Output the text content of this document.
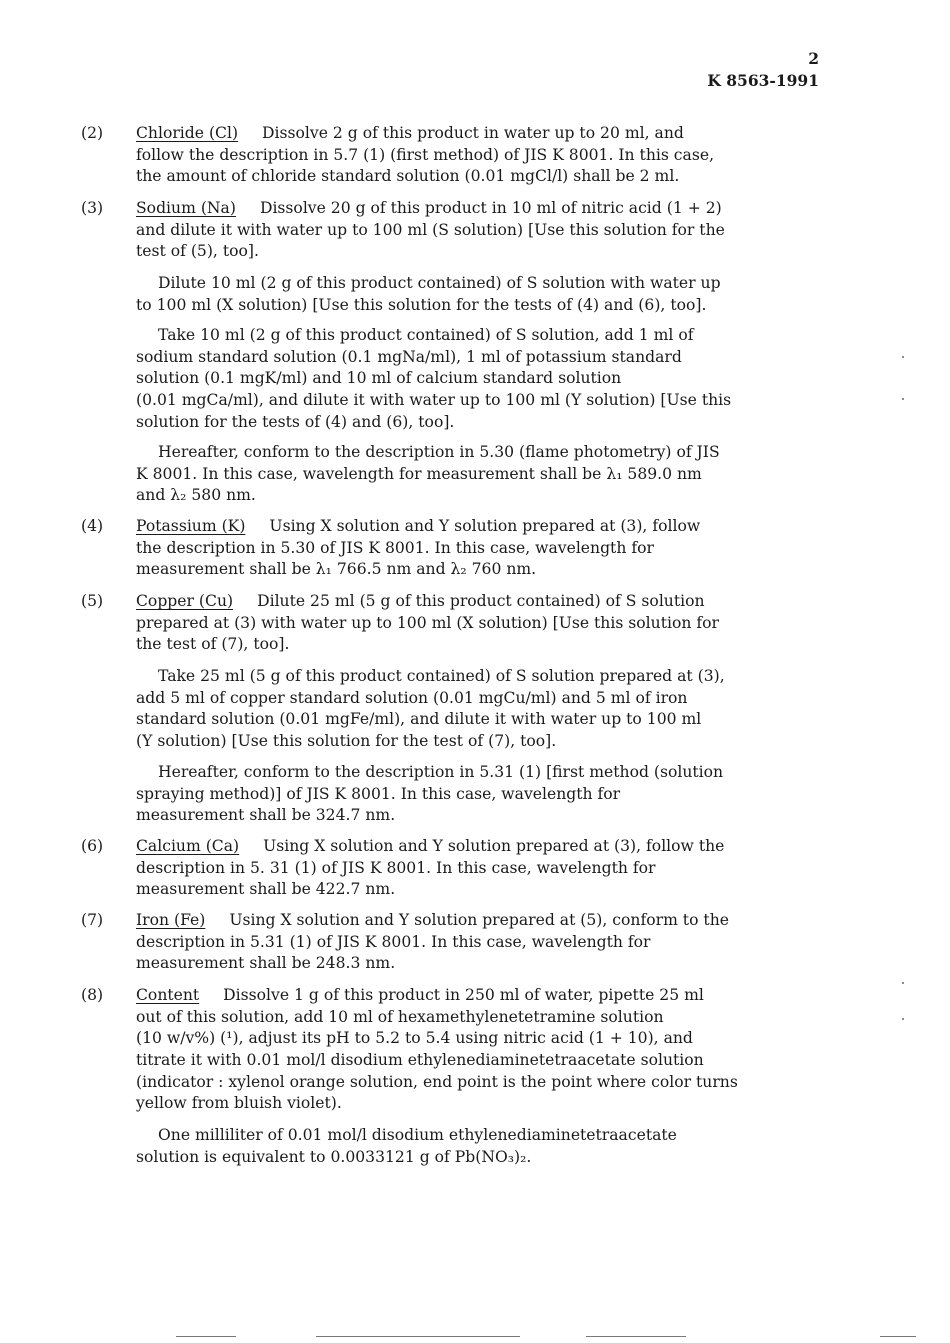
2
K 8563-1991
(2) Chloride (Cl) Dissolve 2 g of this product in water up to 20 ml, and
follow the description in 5.7 (1) (first method) of JIS K 8001. In this case,
the amount of chloride standard solution (0.01 mgCl/l) shall be 2 ml.
(3) Sodium (Na) Dissolve 20 g of this product in 10 ml of nitric acid (1 + 2)
and dilute it with water up to 100 ml (S solution) [Use this solution for the
test of (5), too].
Dilute 10 ml (2 g of this product contained) of S solution with water up
to 100 ml (X solution) [Use this solution for the tests of (4) and (6), too].
Take 10 ml (2 g of this product contained) of S solution, add 1 ml of
sodium standard solution (0.1 mgNa/ml), 1 ml of potassium standard
solution (0.1 mgK/ml) and 10 ml of calcium standard solution
(0.01 mgCa/ml), and dilute it with water up to 100 ml (Y solution) [Use this
solution for the tests of (4) and (6), too].
Hereafter, conform to the description in 5.30 (flame photometry) of JIS
K 8001. In this case, wavelength for measurement shall be λ₁ 589.0 nm
and λ₂ 580 nm.
(4) Potassium (K) Using X solution and Y solution prepared at (3), follow
the description in 5.30 of JIS K 8001. In this case, wavelength for
measurement shall be λ₁ 766.5 nm and λ₂ 760 nm.
(5) Copper (Cu) Dilute 25 ml (5 g of this product contained) of S solution
prepared at (3) with water up to 100 ml (X solution) [Use this solution for
the test of (7), too].
Take 25 ml (5 g of this product contained) of S solution prepared at (3),
add 5 ml of copper standard solution (0.01 mgCu/ml) and 5 ml of iron
standard solution (0.01 mgFe/ml), and dilute it with water up to 100 ml
(Y solution) [Use this solution for the test of (7), too].
Hereafter, conform to the description in 5.31 (1) [first method (solution
spraying method)] of JIS K 8001. In this case, wavelength for
measurement shall be 324.7 nm.
(6) Calcium (Ca) Using X solution and Y solution prepared at (3), follow the
description in 5. 31 (1) of JIS K 8001. In this case, wavelength for
measurement shall be 422.7 nm.
(7) Iron (Fe) Using X solution and Y solution prepared at (5), conform to the
description in 5.31 (1) of JIS K 8001. In this case, wavelength for
measurement shall be 248.3 nm.
(8) Content Dissolve 1 g of this product in 250 ml of water, pipette 25 ml
out of this solution, add 10 ml of hexamethylenetetramine solution
(10 w/v%) (¹), adjust its pH to 5.2 to 5.4 using nitric acid (1 + 10), and
titrate it with 0.01 mol/l disodium ethylenediaminetetraacetate solution
(indicator : xylenol orange solution, end point is the point where color turns
yellow from bluish violet).
One milliliter of 0.01 mol/l disodium ethylenediaminetetraacetate
solution is equivalent to 0.0033121 g of Pb(NO₃)₂.
